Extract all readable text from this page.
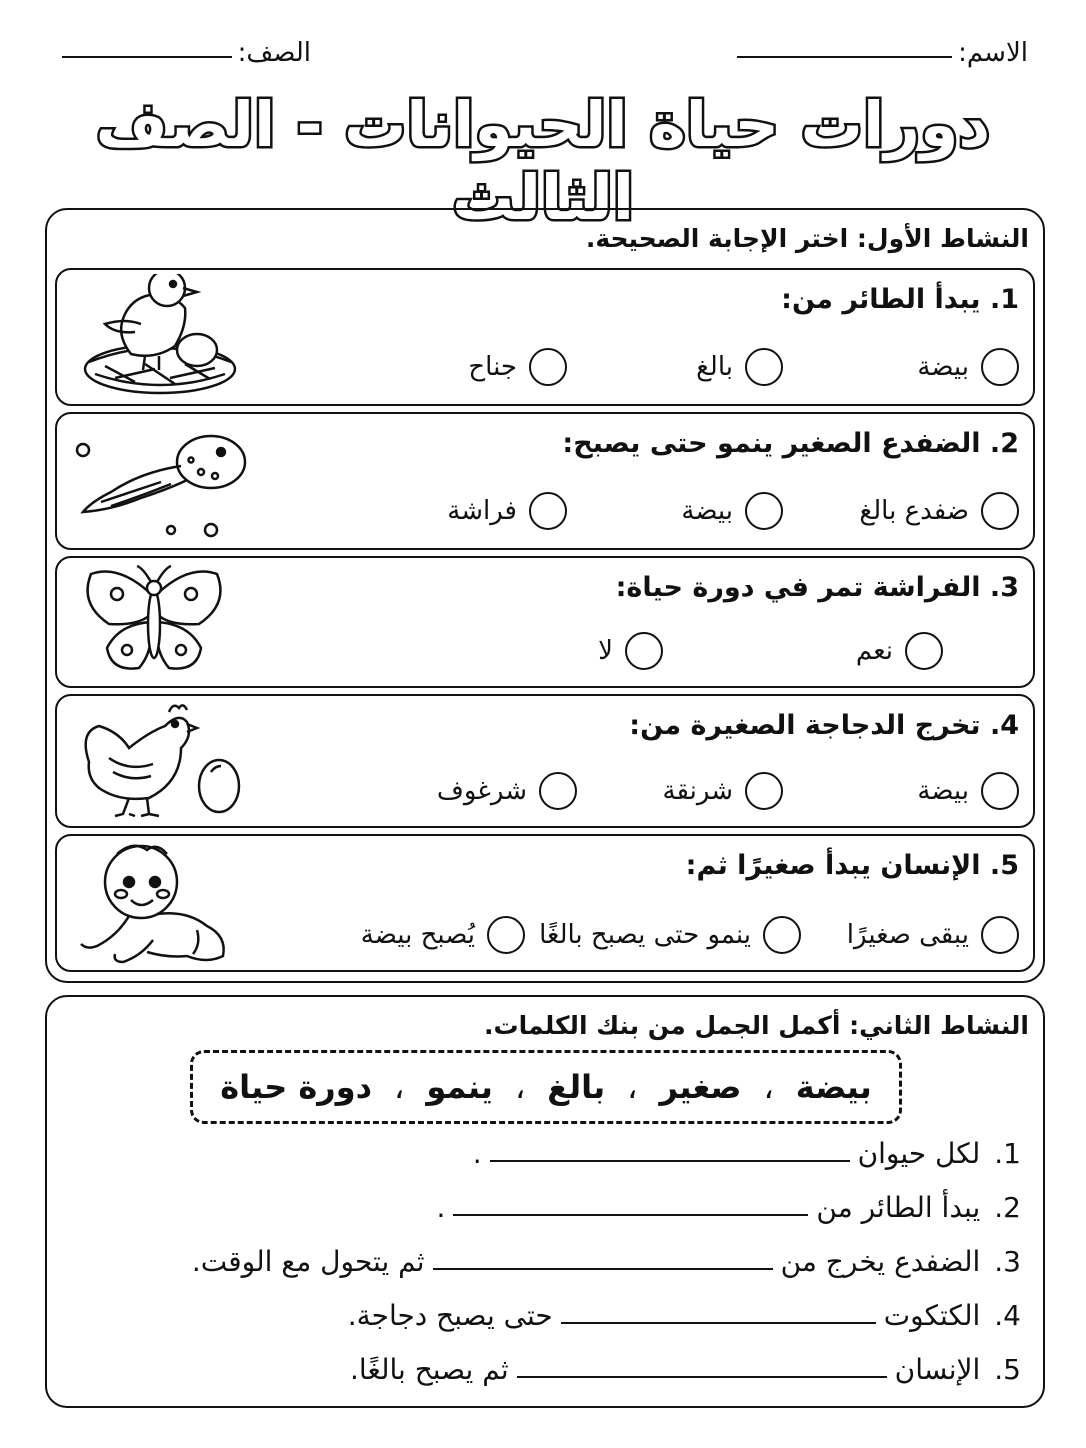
الاسم:
الصف:
دورات حياة الحيوانات - الصف الثالث
النشاط الأول: اختر الإجابة الصحيحة.
1. يبدأ الطائر من:
بيضة
بالغ
جناح
2. الضفدع الصغير ينمو حتى يصبح:
ضفدع بالغ
بيضة
فراشة
3. الفراشة تمر في دورة حياة:
نعم
لا
4. تخرج الدجاجة الصغيرة من:
بيضة
شرنقة
شرغوف
5. الإنسان يبدأ صغيرًا ثم:
يبقى صغيرًا
ينمو حتى يصبح بالغًا
يُصبح بيضة
النشاط الثاني: أكمل الجمل من بنك الكلمات.
بيضة
،
صغير
،
بالغ
،
ينمو
،
دورة حياة
1.
لكل حيوان
.
2.
يبدأ الطائر من
.
3.
الضفدع يخرج من
ثم يتحول مع الوقت.
4.
الكتكوت
حتى يصبح دجاجة.
5.
الإنسان
ثم يصبح بالغًا.
